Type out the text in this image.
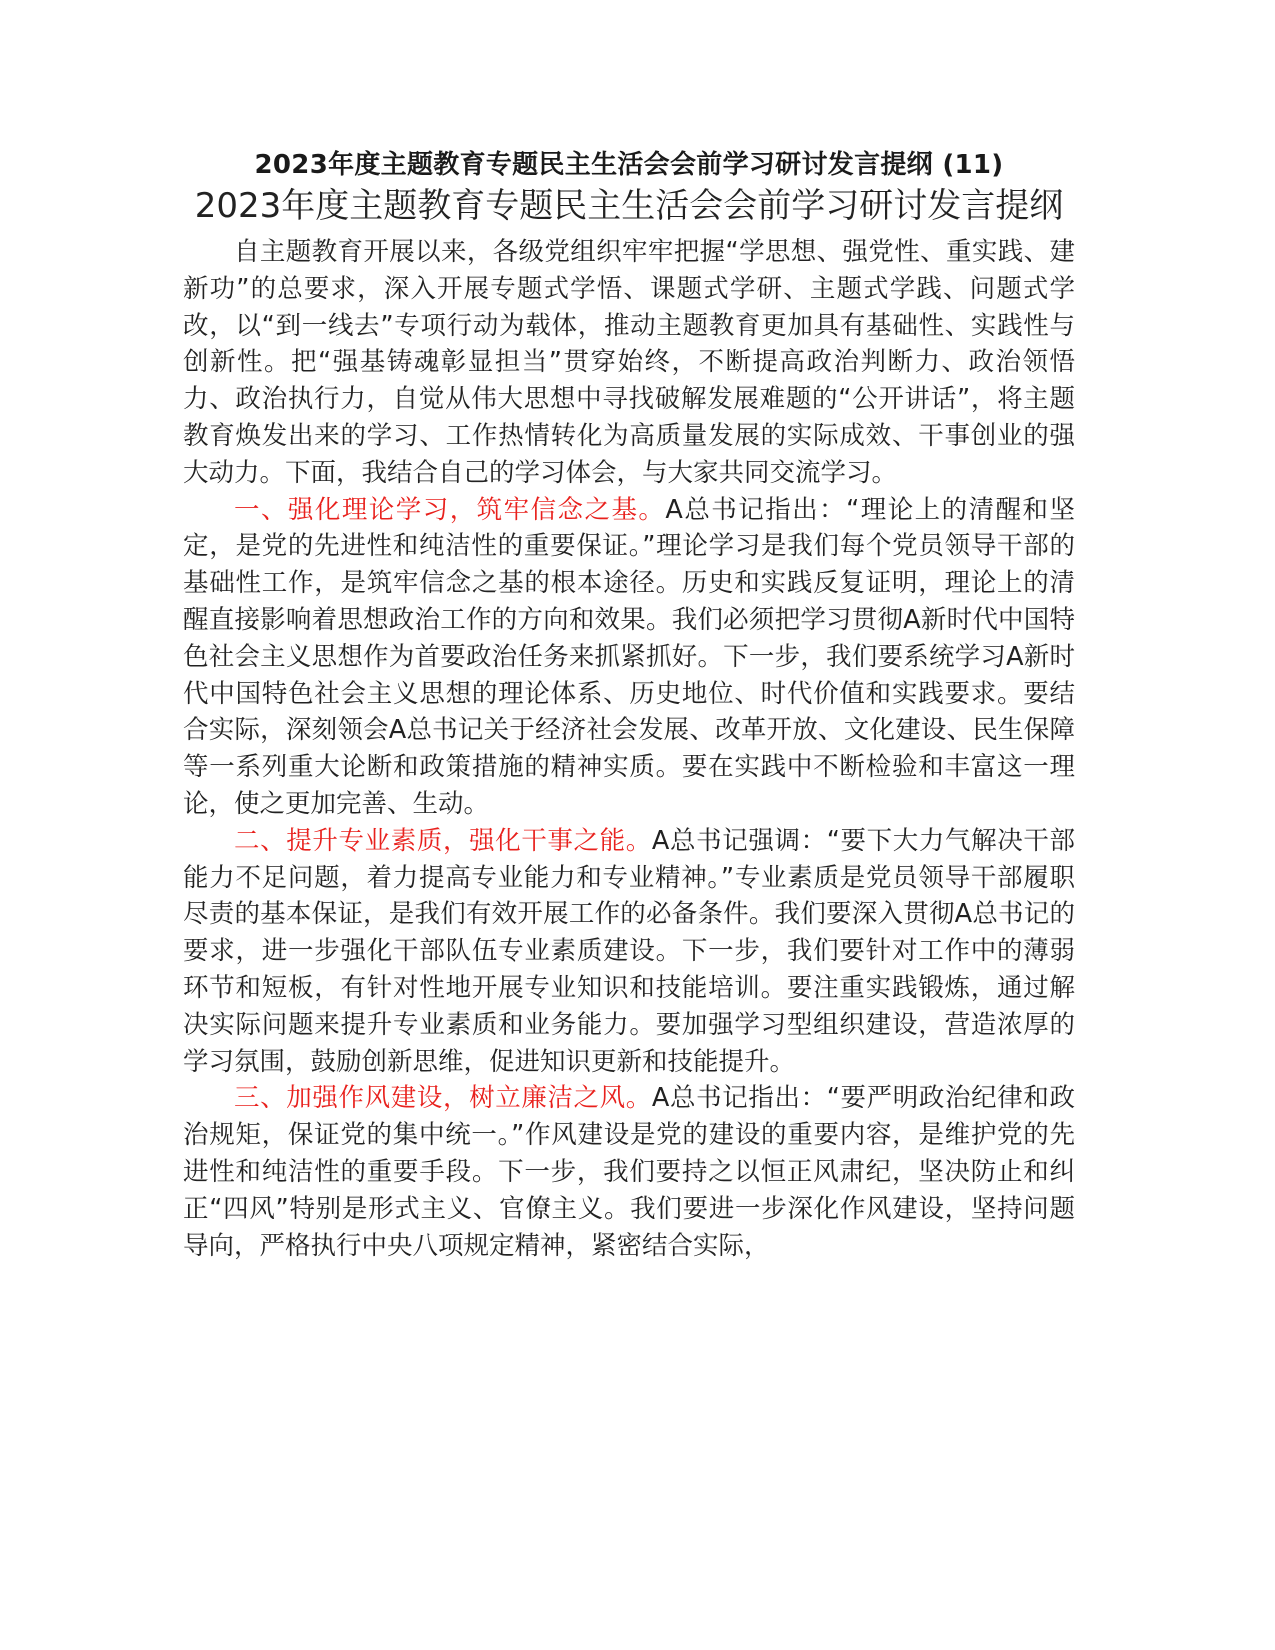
2023年度主题教育专题民主生活会会前学习研讨发言提纲 (11)
2023年度主题教育专题民主生活会会前学习研讨发言提纲

自主题教育开展以来，各级党组织牢牢把握“学思想、强党性、重实践、建新功”的总要求，深入开展专题式学悟、课题式学研、主题式学践、问题式学改，以“到一线去”专项行动为载体，推动主题教育更加具有基础性、实践性与创新性。把“强基铸魂彰显担当”贯穿始终，不断提高政治判断力、政治领悟力、政治执行力，自觉从伟大思想中寻找破解发展难题的“公开讲话”，将主题教育焕发出来的学习、工作热情转化为高质量发展的实际成效、干事创业的强大动力。下面，我结合自己的学习体会，与大家共同交流学习。

一、强化理论学习，筑牢信念之基。A总书记指出：“理论上的清醒和坚定，是党的先进性和纯洁性的重要保证。”理论学习是我们每个党员领导干部的基础性工作，是筑牢信念之基的根本途径。历史和实践反复证明，理论上的清醒直接影响着思想政治工作的方向和效果。我们必须把学习贯彻A新时代中国特色社会主义思想作为首要政治任务来抓紧抓好。下一步，我们要系统学习A新时代中国特色社会主义思想的理论体系、历史地位、时代价值和实践要求。要结合实际，深刻领会A总书记关于经济社会发展、改革开放、文化建设、民生保障等一系列重大论断和政策措施的精神实质。要在实践中不断检验和丰富这一理论，使之更加完善、生动。

二、提升专业素质，强化干事之能。A总书记强调：“要下大力气解决干部能力不足问题，着力提高专业能力和专业精神。”专业素质是党员领导干部履职尽责的基本保证，是我们有效开展工作的必备条件。我们要深入贯彻A总书记的要求，进一步强化干部队伍专业素质建设。下一步，我们要针对工作中的薄弱环节和短板，有针对性地开展专业知识和技能培训。要注重实践锻炼，通过解决实际问题来提升专业素质和业务能力。要加强学习型组织建设，营造浓厚的学习氛围，鼓励创新思维，促进知识更新和技能提升。

三、加强作风建设，树立廉洁之风。A总书记指出：“要严明政治纪律和政治规矩，保证党的集中统一。”作风建设是党的建设的重要内容，是维护党的先进性和纯洁性的重要手段。下一步，我们要持之以恒正风肃纪，坚决防止和纠正“四风”特别是形式主义、官僚主义。我们要进一步深化作风建设，坚持问题导向，严格执行中央八项规定精神，紧密结合实际，
